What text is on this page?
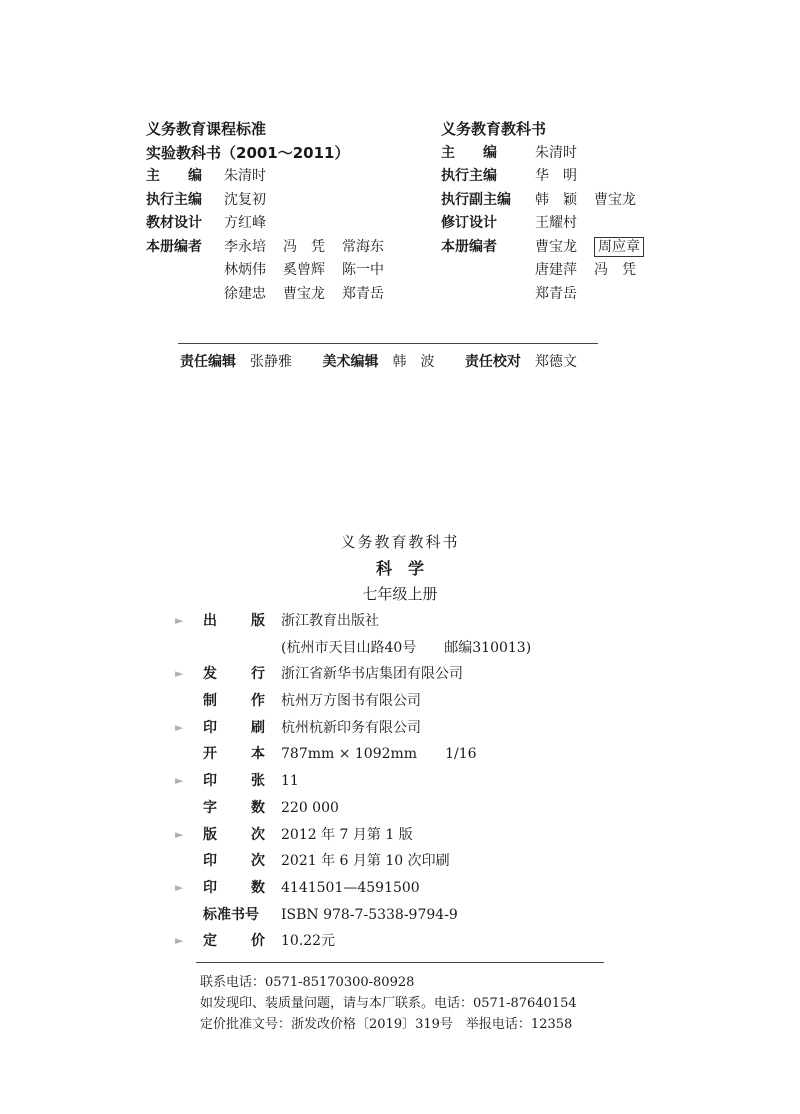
义务教育课程标准
实验教科书（2001～2011）
主　　编 朱清时
执行主编 沈复初
教材设计 方红峰
本册编者 李永培 冯　凭 常海东
林炳伟 奚曾辉 陈一中
徐建忠 曹宝龙 郑青岳
义务教育教科书
主　　编	朱清时
执行主编	华　明
执行副主编 韩　颖 曹宝龙
修订设计	王耀村
本册编者	曹宝龙 周应章
唐建萍 冯　凭
郑青岳
责任编辑 张静雅 美术编辑 韩　波 责任校对 郑德文
义务教育教科书
科　学
七年级上册
► 出 版 浙江教育出版社
(杭州市天目山路40号　　邮编310013)
► 发 行 浙江省新华书店集团有限公司
制 作 杭州万方图书有限公司
► 印 刷 杭州杭新印务有限公司
开 本 787mm × 1092mm　　1/16
► 印 张 11
字 数 220 000
► 版 次 2012 年 7 月第 1 版
印 次 2021 年 6 月第 10 次印刷
► 印 数 4141501—4591500
标准书号 ISBN 978-7-5338-9794-9
► 定 价 10.22元
联系电话：0571-85170300-80928
如发现印、装质量问题，请与本厂联系。电话：0571-87640154
定价批准文号：浙发改价格〔2019〕319号　举报电话：12358
